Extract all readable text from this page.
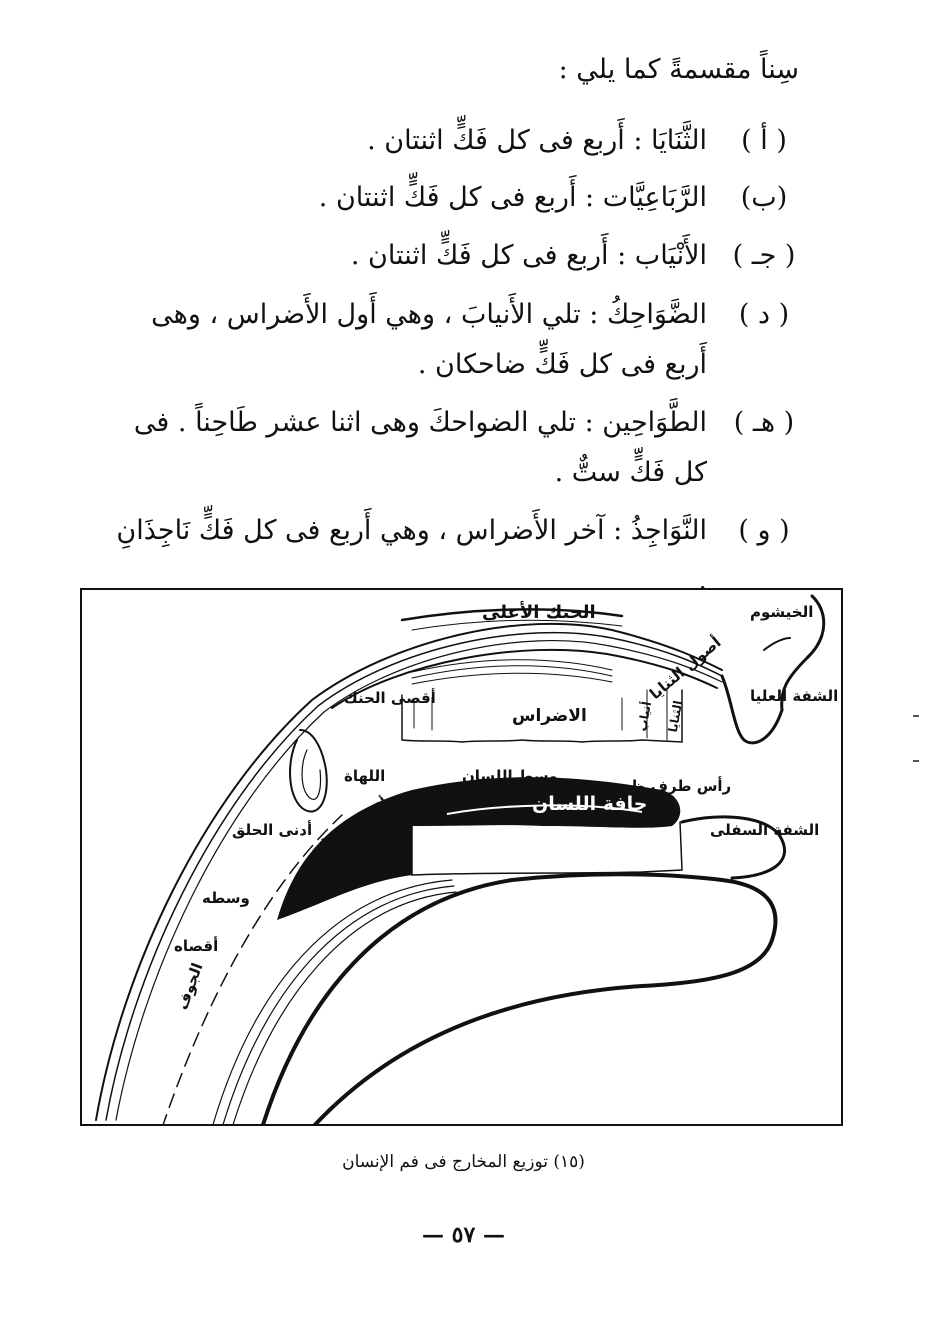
سِناً مقسمةً كما يلي :
( أ )
الثَّنَايَا : أَربع فى كل فَكٍّ اثنتان .
(ب)
الرَّبَاعِيَّات : أَربع فى كل فَكٍّ اثنتان .
( جـ )
الأَنْيَاب : أَربع فى كل فَكٍّ اثنتان .
( د )
الضَّوَاحِكُ : تلي الأَنيابَ ، وهي أَول الأَضراس ، وهى أَربع فى كل فَكٍّ ضاحكان .
( هـ )
الطَّوَاحِين : تلي الضواحكَ وهى اثنا عشر طَاحِناً . فى كل فَكٍّ ستٌّ .
( و )
النَّوَاجِذُ : آخر الأَضراس ، وهي أَربع فى كل فَكٍّ نَاجِذَانِ .
الخيشوم
الحنك الأعلى
أصول الثنايا الشفة العليا
أقصى الحنك
الاضراس	أنياب الثنايا
اللهاة	وسط اللسان
رأس طرف ظهر
حافة اللسان
الشفة السفلى
أدنى الحلق
أقصى اللسان
وسطه
أقصاه
الجوف
(١٥) توزيع المخارج فى فم الإنسان
— ٥٧ —
